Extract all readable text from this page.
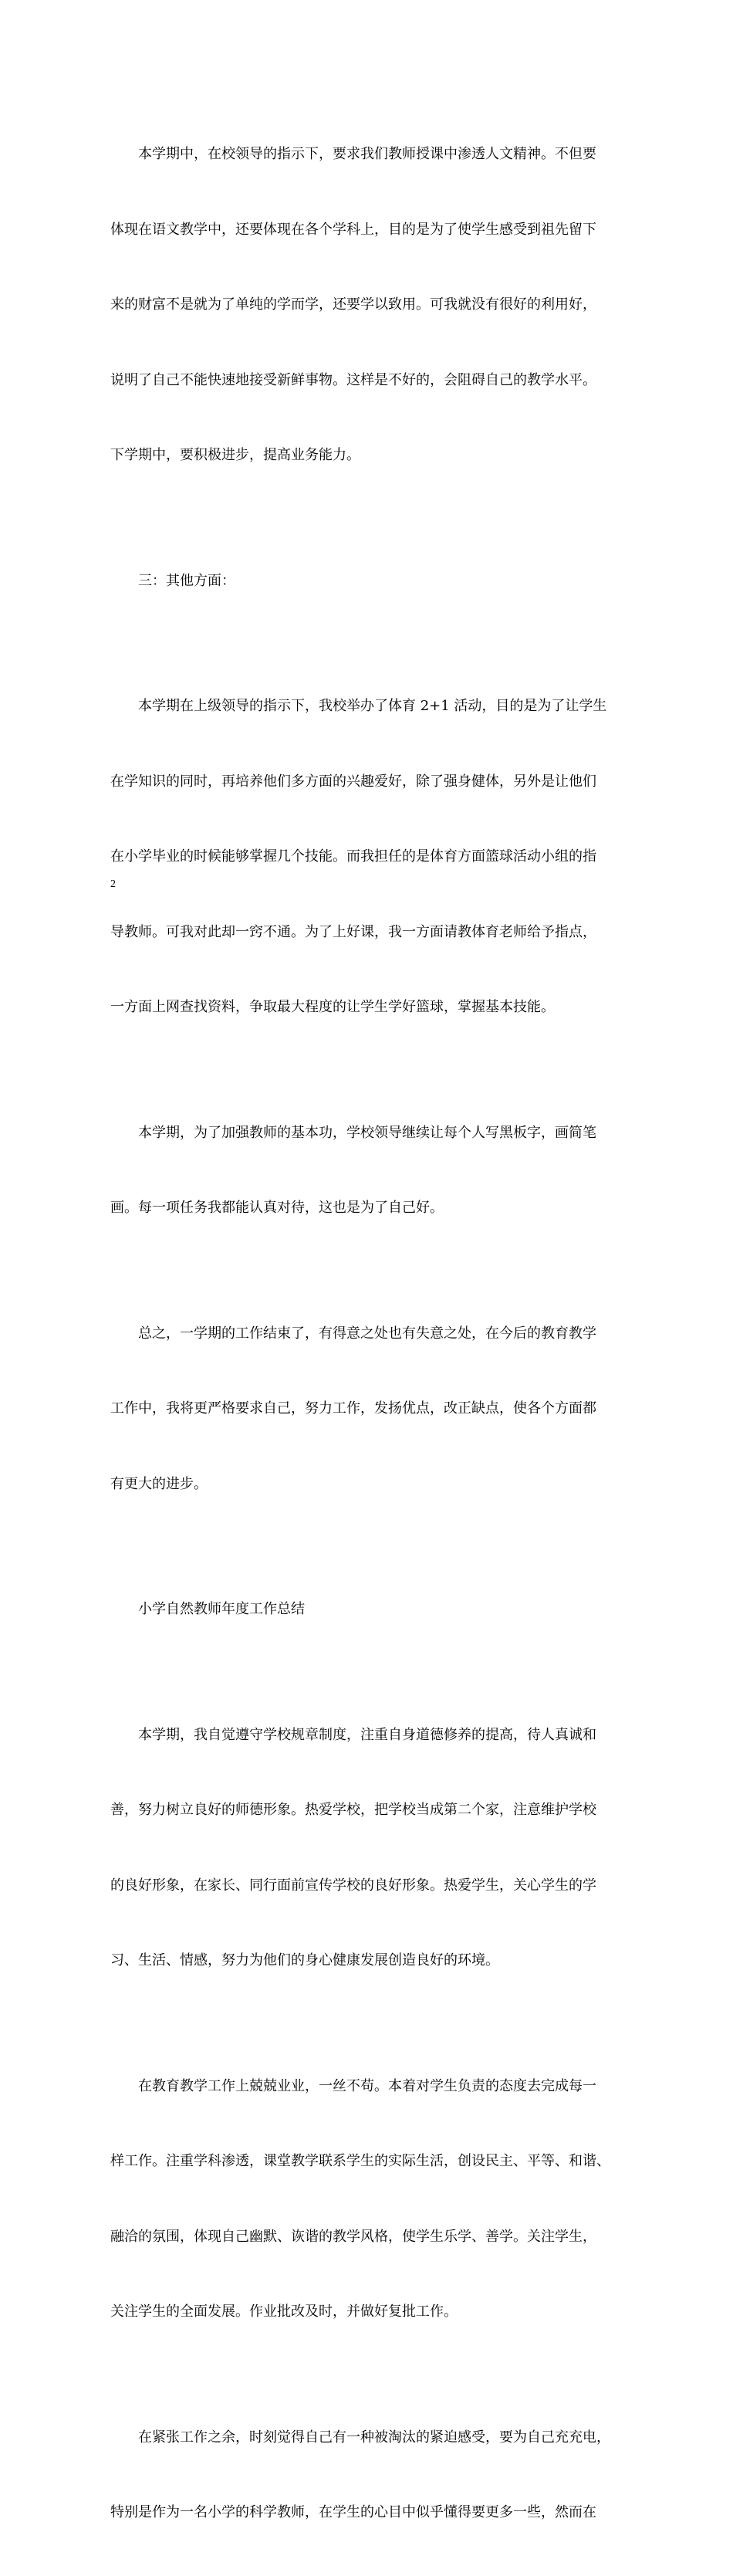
本学期中，在校领导的指示下，要求我们教师授课中渗透人文精神。不但要

体现在语文教学中，还要体现在各个学科上，目的是为了使学生感受到祖先留下

来的财富不是就为了单纯的学而学，还要学以致用。可我就没有很好的利用好，

说明了自己不能快速地接受新鲜事物。这样是不好的，会阻碍自己的教学水平。

下学期中，要积极进步，提高业务能力。

三：其他方面：

本学期在上级领导的指示下，我校举办了体育 2+1 活动，目的是为了让学生

在学知识的同时，再培养他们多方面的兴趣爱好，除了强身健体，另外是让他们

在小学毕业的时候能够掌握几个技能。而我担任的是体育方面篮球活动小组的指

导教师。可我对此却一窍不通。为了上好课，我一方面请教体育老师给予指点，

一方面上网查找资料，争取最大程度的让学生学好篮球，掌握基本技能。

本学期，为了加强教师的基本功，学校领导继续让每个人写黑板字，画简笔

画。每一项任务我都能认真对待，这也是为了自己好。

总之，一学期的工作结束了，有得意之处也有失意之处，在今后的教育教学

工作中，我将更严格要求自己，努力工作，发扬优点，改正缺点，使各个方面都

有更大的进步。

小学自然教师年度工作总结

本学期，我自觉遵守学校规章制度，注重自身道德修养的提高，待人真诚和

善，努力树立良好的师德形象。热爱学校，把学校当成第二个家，注意维护学校

的良好形象，在家长、同行面前宣传学校的良好形象。热爱学生，关心学生的学

习、生活、情感，努力为他们的身心健康发展创造良好的环境。

在教育教学工作上兢兢业业，一丝不苟。本着对学生负责的态度去完成每一

样工作。注重学科渗透，课堂教学联系学生的实际生活，创设民主、平等、和谐、

融洽的氛围，体现自己幽默、诙谐的教学风格，使学生乐学、善学。关注学生，

关注学生的全面发展。作业批改及时，并做好复批工作。

在紧张工作之余，时刻觉得自己有一种被淘汰的紧迫感受，要为自己充充电，

特别是作为一名小学的科学教师，在学生的心目中似乎懂得要更多一些，然而在

2
